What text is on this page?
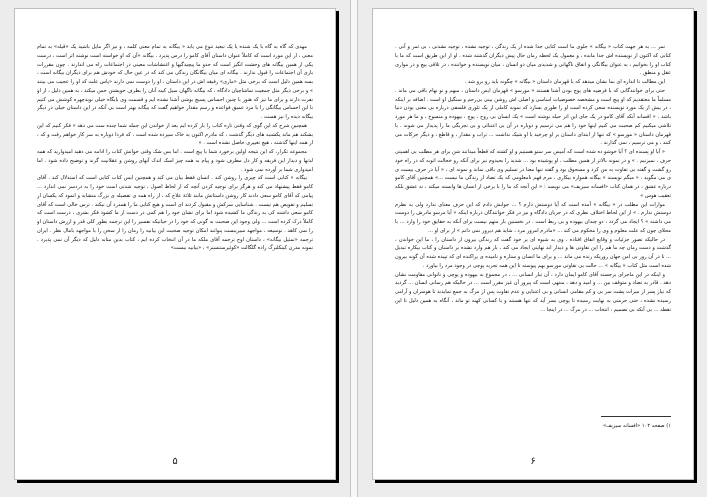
مهدی که گاه به گاه با یک شنده یا یک تبعید تنوع می یابد « بیگانه به تمام معنی کلمه ، و نیز اگر مایل باشید یک «قیله» به تمام معنی ، از این مورد است که کاملاً عنوان داستان آقای کامو را درس پذیرد . بیگانه «آن که او خواسته است نوشته اثر است ، درست یکی از همین بیگانه های وحشت انگیز است که حدو ما پیچیدگیها و اغتشاشات معینی در اجتماعات راه می اندازند . چون مقررات بازی آن اجتماعات را قبول ندارند . بیگانه ای میان بیگانگان زندگی می کند که در عین حال که خودش هم برای دیگران بیگانه است ، بسه همین دلیل است که برخی مثل «ماری» رفیقه اش در این داستان ، او را دوست نمی دارند «پاس علت که او را عجیب می بینند » و برخی دیگر مثل جمعیت تماشاچیان دادگاه ، که بیگانه ناگهان سیل کینه آنان را بطرف خویشتن حس میکند ، به همین دلیل ، از او نفرت دارند و برای ما نیز که هنوز با چنین احساس پسیچ بوشی آشنا نشده ایم و قسمت وی بایگاه خیلی نوبدچهره کوشش می کنیم تا این احساس بیگانگی را با مزد عمیق فواعده و رسم مقدار خواهیم گفت که بیگانه بهتر است بی آنکه در این داستان خیلی در دیگر بیگانه دیده را نیز هست .

همچنین شرح که این گوی که وقتی تازه کتاب را باز کرده ایم بعد از خواندن این جمله شما چنده ست می دهد « فکر کنیم که این بشکند هم ماند یکشنبه های دیگر گذشت ، که مادرم اکنون به خاک سپرده شده است ، که فردا دوباره به سر کار خواهم رفت و که ، از همه اینها گذشته ، هیچ تغییری حاصل نشده است . »

مجموعه تکرار، که این نتیجه اولین برخورد شما با پیچ است . اما بس شک وقتی خوانش کتاب را ادامه می دهید امیدوارید که همه لذتها و دیدار این فریقه و کار دل مطرف شود و پیام به همه چیز اسک اندک آنهای روشن و عقلانیت گرند و توضیح داده شود . اما امیدواری شما بر آورده نمی شود .

بیگانه « کتابی است که چیزی را روشن کند . انسان فقط بیان می کند و همچنین ایس کتاب کتابی است که استدلال کند . آقای کامو فقط پیشنهاد می کند و هرگز برای توجیه کردن آنچه که از لحاظ اصول ، توجیه شدنی است خود را به دردسر نمی اندازد ... پیامی که آقای کامو سعی دادند کار روشن داستانش مانند ثلاثهٔ علاج که ، از راه همه ی تفصیله ی بزرگ متشابه و انمود که یکسان از تسلیم و تفویض هم نیست . شناسایی سرکش و مقبول کردند ای است و هیچ کتابی ما را همدرد آن نیکند . ترس خالی است که آقای کامو سعی داشته کی به زندگی ما کشیده شود اما برای نشان خود را هم کمی در دست از ما کشود فکر بشری ، درست است که کاملاً درک کرده است ... ولی وجود این صحبت به گونی که خود را در حیاتیکه تفسیر را این ترجمه بطور کلی قدر و ارزش داستان او را نمی کاهد . توسیعه ، مواجهد سیرینست پنوانند امکان توجیه صحبت این بیانیه را زمان را از سخن را با مواجهه بامال نظر . ایران ترجمه «تمثیل بیگانه» ، داستان اوج ترجمه آقای ملکه ما در آن انتخاب کرده ایم ، کتاب بدین مثابه دلیل که دیگر آن نمی پذیرد . نمونه مدرن کینکلبرگ زاده گلگالت «کوئیرستنستر» ، «بیانیه ببست»

۵

تمر ... به هر جهت کتاب « بیگانه » جلوی ما است کتابی جدا شده از یک زندگی ، توجیه نشده ، توجیه نشدنی ، بی ثمر و آنی . کتابی که اکنون از نویسنده اش جدا مانده ، و معمول یک لحظه رمان حال پیش دیگران گذشته شده . او از این طریق است که ما با کتاب او را بخوانیم ، به عنوان بیگانگی و اتفاق ناگهانی و شدیدی میان دو انسان ، میان نویسنده و خواننده ، در تلاقی پیچ و در مواری عقل و منطق .

این مطالب تا اندازه ای بما نشان میدهد که با قهرمان داستان « بیگانه » چگونه باید رو برو شد .

حتی برای خوانندگانی که با فرضیه های پوچ بودن آشنا هستند « مورسو » قهرمان ایس داستان ، مبهم و نو نهام باقی می ماند . مسلماً ما معتقدیم که او پیچ است و مشخصه خصوصیات اساسی و اصلی اش روشن بینی بی‌رحم و سنگیل او است . اضافه بر اینکه ، در بیش از یک مورد نویسنده سعی کرده است او را طوری بسازد که نمونه کاملی از یک تئوری فلسفی درباره بی معنی بودن دنیا باشد . « افسانه آنکه آقای کامو در یک جای این اثر حیله نوشته است » یک انسان بی روح ، پوچ ، بیهوده و منسوخ ، و ما هر مورد تلاشی میکنیم کم صحبت می کنیم اینها خود را هم می ترسیم و دوباره در آن بی اعتنائی و بی تجربگی ما را پدیدار می شوند . با قهرمان داستان « مورسو » که تنها از ابتدای داستان بر او چرخید با او شیک نداشت ... تراب و مقدار ، و قاطع ، و دیگر حرکات می کنند ، و می ترسیم ، نمی گذارند .

« آیا او پسنده ای ؟ آیا خوشو ده شده است که آمیس سر ستو هستیم و او کشته که قطعاً میدانند شن برای هر مطلب بی اهمیتی حرف ، نمیزنیم . » و در نمونه بالاتر از همین مطلب ، او پوشیده بود ... شدید را بحیدوم نیز برای آنکه رو خجالت اتوبه که در راه خود رو گشت و گفته بی تفاوت به من کرد و مسحوق بود و گفته تنها معنا در تسلیم وی باقی نماند و نمونه ای ، « آیا در حرف بیست ی ی می مگوید ، « میگم نویسند « بیگانه همواره بیکاری ، مرم فهم نامعلومی که یک تضاد از زندگی ما نیست ...» همچنین آقای کامو درباره عشق ، در همان کتاب «افسانه سیزیف» می نویسد : « این آنجه که ما را با برخی از انسان ها وابسته میکند ، نه عشق بلکه تعقیب هوس »

موارات این مطلب در « بیگانه » آمده است که آیا دوستش دارم ؟ ... جوابش دادم که این حرف معنای ندارد ولی به نظرم دوستش ندارم . » از این لحاظ اختلاف نظری که در جریان دادگاه و نیز در فکر خوانندگان درباره اینکه « آیا مرسو مادرش را دوست می داشته » ؟ ایجاد می گردد ، دو چندان بیهوده و بی ربط است . در نخستین بار متهم نیست برای آنکه به حقایق خود را وارد ... با محلای چون که علت معلوم و وی را محکوم می کند ... «مادرم امروز مرد ، شاید هم دیروز نمی دانم » از برای او ...

در حالیکه تصور جزئیات و وقایع اتفاق افتاده ، وی به شیوه ای بر خود گفت که زندگی بیرون از داستان را ، ما این خواندن ، گذشت و دست زمان چه ما هم را این تفاوتی ها و دیدار ابد نهایتی ایجاد می کند ، باز هم وارد نشده بر داستان و کتاب بیکاره تبدیل ... تا در آن روز بی امن جهان روزیکه زنده می ماند ... و برای ما انسان و ستاره و نامیده ی پراکنده ای که تپیده شده آن گونه بیرون شده است مثل کتاب « بیگانه » ... حالت بی تفاوتی مورسو بهم پیوسته تا این همه تجربه پوچی در وجود مرد را بیاورد .

و اینکه در این ماجرای برجسته آقای کامو ایمان دارد ، آن تبار انسانی ... ، در مجموع به بیهوده و پوچی و ناتوانی مقاومت نشان دهد . قادر به تضاد و متوقف بین ... و امید و دهد ، منتهی است که پیروز آن غیر مقرر است ... در حالیکه هم رسانی انسان ... گردید که نیاز پسر از میراث پشت سر بی و کم مقامی انسانی و بی اعتنایی و عدم تفاوت پس از مرگ به جمع نمایدند تا هوسران و آرامی رسیده نشده ، حتی حرمتی به نهایت رسیده تا پوچی بسر آید که تنها هستند و با کسانی کهنه تو ماند ، آنگاه به همین دلیل تا این نقطه ... بی آنکه بی تصمیم ، انتخاب ... در مرگ ... در اینجا ...

۱) صفحه ۱۰۲ «افسانه سیزیف»
۶
